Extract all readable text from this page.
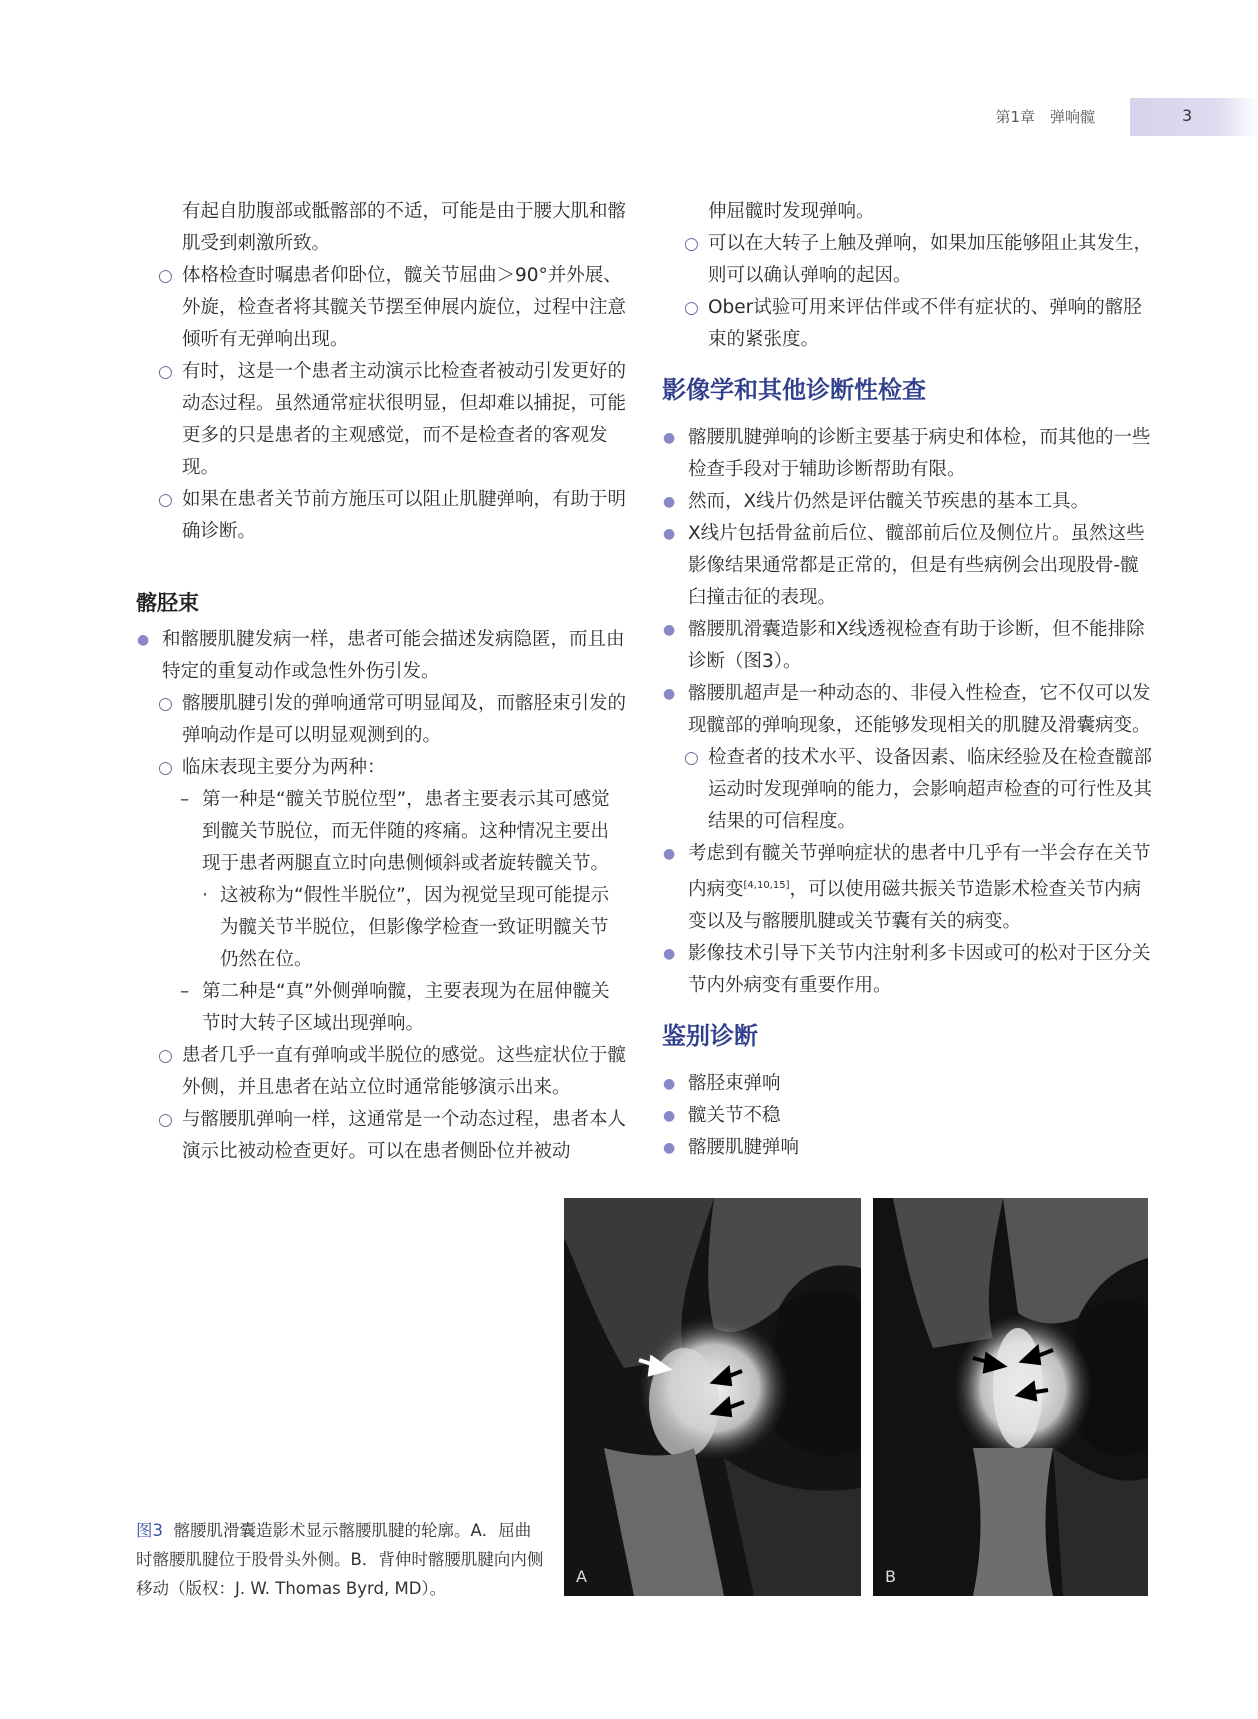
第1章　弹响髋	3

有起自肋腹部或骶髂部的不适，可能是由于腰大肌和髂肌受到刺激所致。

○ 体格检查时嘱患者仰卧位，髋关节屈曲＞90°并外展、外旋，检查者将其髋关节摆至伸展内旋位，过程中注意倾听有无弹响出现。

○ 有时，这是一个患者主动演示比检查者被动引发更好的动态过程。虽然通常症状很明显，但却难以捕捉，可能更多的只是患者的主观感觉，而不是检查者的客观发现。

○ 如果在患者关节前方施压可以阻止肌腱弹响，有助于明确诊断。

髂胫束

● 和髂腰肌腱发病一样，患者可能会描述发病隐匿，而且由特定的重复动作或急性外伤引发。

○ 髂腰肌腱引发的弹响通常可明显闻及，而髂胫束引发的弹响动作是可以明显观测到的。

○ 临床表现主要分为两种：

– 第一种是“髋关节脱位型”，患者主要表示其可感觉到髋关节脱位，而无伴随的疼痛。这种情况主要出现于患者两腿直立时向患侧倾斜或者旋转髋关节。

· 这被称为“假性半脱位”，因为视觉呈现可能提示为髋关节半脱位，但影像学检查一致证明髋关节仍然在位。

– 第二种是“真”外侧弹响髋，主要表现为在屈伸髋关节时大转子区域出现弹响。

○ 患者几乎一直有弹响或半脱位的感觉。这些症状位于髋外侧，并且患者在站立位时通常能够演示出来。

○ 与髂腰肌弹响一样，这通常是一个动态过程，患者本人演示比被动检查更好。可以在患者侧卧位并被动

伸屈髋时发现弹响。

○ 可以在大转子上触及弹响，如果加压能够阻止其发生，则可以确认弹响的起因。

○ Ober试验可用来评估伴或不伴有症状的、弹响的髂胫束的紧张度。

影像学和其他诊断性检查

● 髂腰肌腱弹响的诊断主要基于病史和体检，而其他的一些检查手段对于辅助诊断帮助有限。

● 然而，X线片仍然是评估髋关节疾患的基本工具。

● X线片包括骨盆前后位、髋部前后位及侧位片。虽然这些影像结果通常都是正常的，但是有些病例会出现股骨-髋臼撞击征的表现。

● 髂腰肌滑囊造影和X线透视检查有助于诊断，但不能排除诊断（图3）。

● 髂腰肌超声是一种动态的、非侵入性检查，它不仅可以发现髋部的弹响现象，还能够发现相关的肌腱及滑囊病变。

○ 检查者的技术水平、设备因素、临床经验及在检查髋部运动时发现弹响的能力，会影响超声检查的可行性及其结果的可信程度。

● 考虑到有髋关节弹响症状的患者中几乎有一半会存在关节内病变[4,10,15]，可以使用磁共振关节造影术检查关节内病变以及与髂腰肌腱或关节囊有关的病变。

● 影像技术引导下关节内注射利多卡因或可的松对于区分关节内外病变有重要作用。

鉴别诊断

● 髂胫束弹响

● 髋关节不稳

● 髂腰肌腱弹响

图3 髂腰肌滑囊造影术显示髂腰肌腱的轮廓。A．屈曲时髂腰肌腱位于股骨头外侧。B．背伸时髂腰肌腱向内侧移动（版权：J. W. Thomas Byrd, MD）。
A	B
